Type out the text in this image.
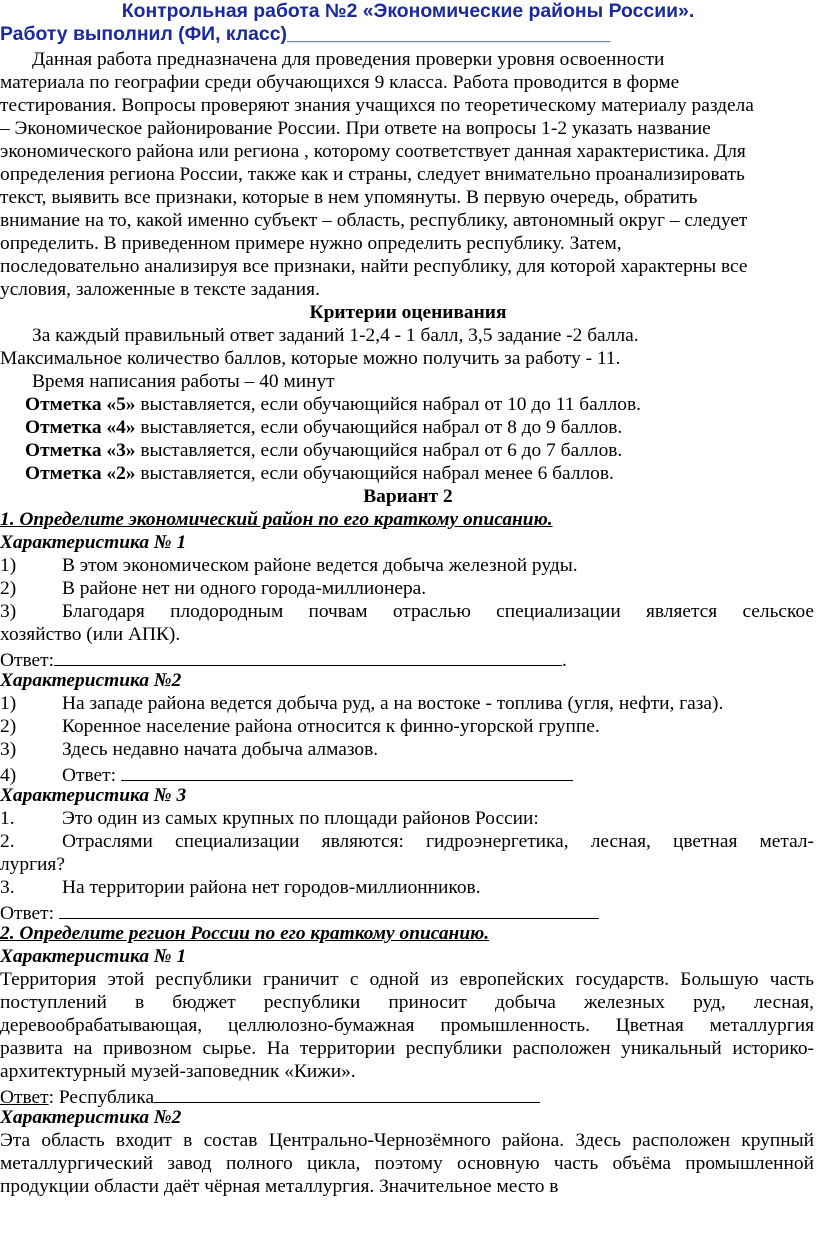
Контрольная работа №2 «Экономические районы России».
Работу выполнил (ФИ, класс)______________________________
Данная работа предназначена для проведения проверки уровня освоенности
материала по географии среди обучающихся 9 класса. Работа проводится в форме
тестирования. Вопросы проверяют знания учащихся по теоретическому материалу раздела
– Экономическое районирование России. При ответе на вопросы 1-2 указать название
экономического района или региона , которому соответствует данная характеристика. Для
определения региона России, также как и страны, следует внимательно проанализировать
текст, выявить все признаки, которые в нем упомянуты. В первую очередь, обратить
внимание на то, какой именно субъект – область, республику, автономный округ – следует
определить. В приведенном примере нужно определить республику. Затем,
последовательно анализируя все признаки, найти республику, для которой характерны все
условия, заложенные в тексте задания.
Критерии оценивания
За каждый правильный ответ заданий 1-2,4 - 1 балл, 3,5 задание -2 балла.
Максимальное количество баллов, которые можно получить за работу - 11.
Время написания работы – 40 минут
Отметка «5» выставляется, если обучающийся набрал от 10 до 11 баллов.
Отметка «4» выставляется, если обучающийся набрал от 8 до 9 баллов.
Отметка «3» выставляется, если обучающийся набрал от 6 до 7 баллов.
Отметка «2» выставляется, если обучающийся набрал менее 6 баллов.
Вариант 2
1. Определите экономический район по его краткому описанию.
Характеристика № 1
1) В этом экономическом районе ведется добыча железной руды.
2) В районе нет ни одного города-миллионера.
3) Благодаря плодородным почвам отраслью специализации является сельское
хозяйство (или АПК).
Ответ:	.
Характеристика №2
1) На западе района ведется добыча руд, а на востоке - топлива (угля, нефти, газа).
2) Коренное население района относится к финно-угорской группе.
3) Здесь недавно начата добыча алмазов.
4) Ответ:
Характеристика № 3
1. Это один из самых крупных по площади районов России:
2. Отраслями специализации являются: гидроэнергетика, лесная, цветная метал-
лургия?
3. На территории района нет городов-миллионников.
Ответ:
2. Определите регион России по его краткому описанию.
Характеристика № 1
Территория этой республики граничит с одной из европейских государств. Большую часть
поступлений в бюджет республики приносит добыча железных руд, лесная,
деревообрабатывающая, целлюлозно-бумажная промышленность. Цветная металлургия
развита на привозном сырье. На территории республики расположен уникальный историко-
архитектурный музей-заповедник «Кижи».
Ответ: Республика
Характеристика №2
Эта область входит в состав Центрально-Чернозёмного района. Здесь расположен крупный
металлургический завод полного цикла, поэтому основную часть объёма промышленной
продукции области даёт чёрная металлургия. Значительное место в
